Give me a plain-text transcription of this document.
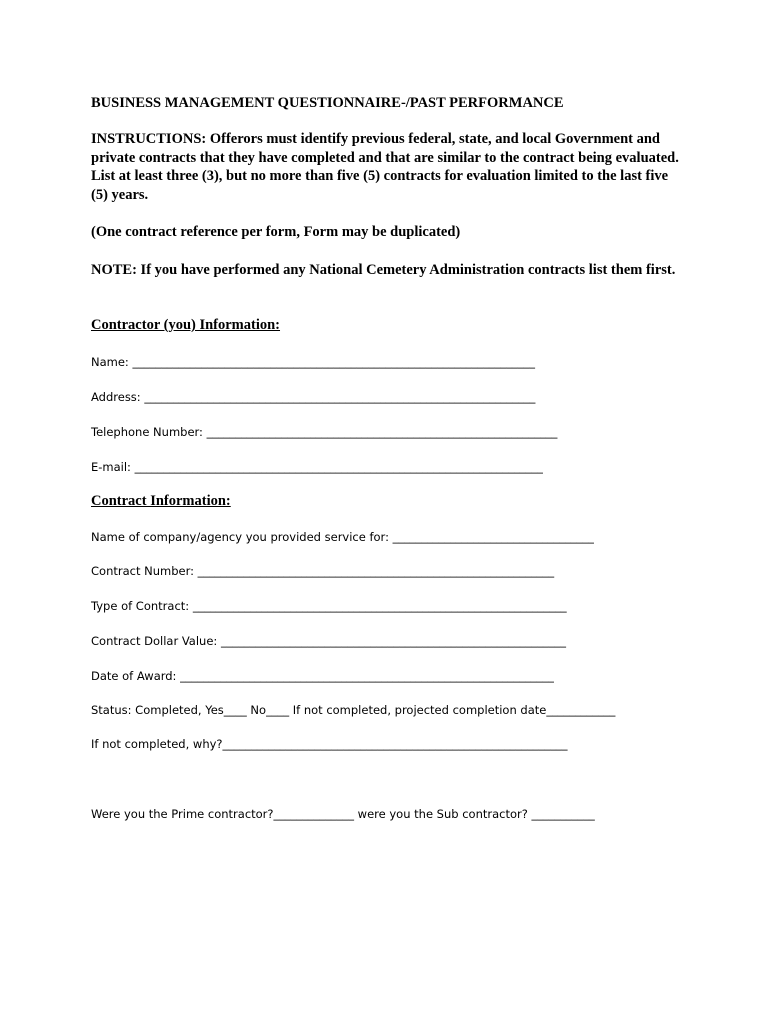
BUSINESS MANAGEMENT QUESTIONNAIRE-/PAST PERFORMANCE
INSTRUCTIONS: Offerors must identify previous federal, state, and local Government and private contracts that they have completed and that are similar to the contract being evaluated. List at least three (3), but no more than five (5) contracts for evaluation limited to the last five (5) years.
(One contract reference per form, Form may be duplicated)
NOTE: If you have performed any National Cemetery Administration contracts list them first.
Contractor (you) Information:
Name: ______________________________________________________________________
Address: ____________________________________________________________________
Telephone Number: _____________________________________________________________
E-mail: _______________________________________________________________________
Contract Information:
Name of company/agency you provided service for: ___________________________________
Contract Number: ______________________________________________________________
Type of Contract: _________________________________________________________________
Contract Dollar Value: ____________________________________________________________
Date of Award: _________________________________________________________________
Status: Completed, Yes____ No____ If not completed, projected completion date____________
If not completed, why?____________________________________________________________
Were you the Prime contractor?______________ were you the Sub contractor? ___________
